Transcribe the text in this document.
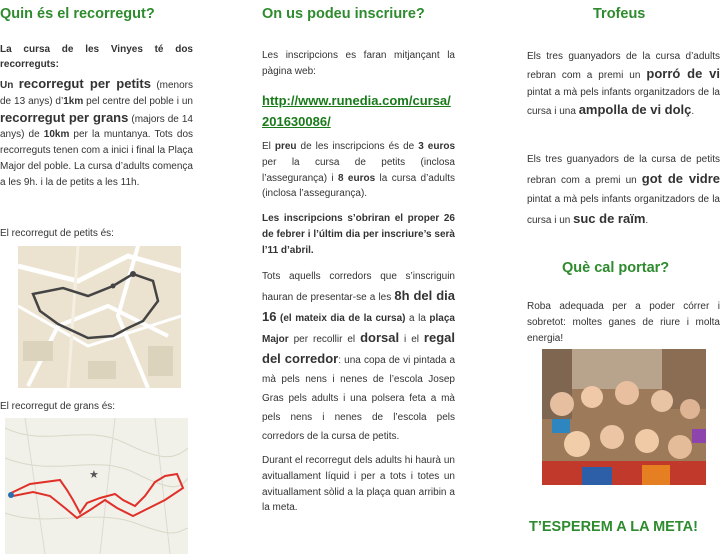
Quin és el recorregut?

La cursa de les Vinyes té dos recorreguts:

Un recorregut per petits (menors de 13 anys) d’1km pel centre del poble i un recorregut per grans (majors de 14 anys) de 10km per la muntanya. Tots dos recorreguts tenen com a inici i final la Plaça Major del poble. La cursa d’adults comença a les 9h. i la de petits a les 11h.

El recorregut de petits és:

El recorregut de grans és:

★
On us podeu inscriure?

Les inscripcions es faran mitjançant la pàgina web:

http://www.runedia.com/cursa/201630086/

El preu de les inscripcions és de 3 euros per la cursa de petits (inclosa l’assegurança) i 8 euros la cursa d’adults (inclosa l’assegurança).

Les inscripcions s’obriran el proper 26 de febrer i l’últim dia per inscriure’s serà l’11 d’abril.

Tots aquells corredors que s’inscriguin hauran de presentar-se a les 8h del dia 16 (el mateix dia de la cursa) a la plaça Major per recollir el dorsal i el regal del corredor: una copa de vi pintada a mà pels nens i nenes de l’escola Josep Gras pels adults i una polsera feta a mà pels nens i nenes de l’escola pels corredors de la cursa de petits.

Durant el recorregut dels adults hi haurà un avituallament líquid i per a tots i totes un avituallament sòlid a la plaça quan arribin a la meta.

Trofeus

Els tres guanyadors de la cursa d’adults rebran com a premi un porró de vi pintat a mà pels infants organitzadors de la cursa i una ampolla de vi dolç.

Els tres guanyadors de la cursa de petits rebran com a premi un got de vidre pintat a mà pels infants organitzadors de la cursa i un suc de raïm.

Què cal portar?

Roba adequada per a poder córrer i sobretot: moltes ganes de riure i molta energia!

T’ESPEREM A LA META!
